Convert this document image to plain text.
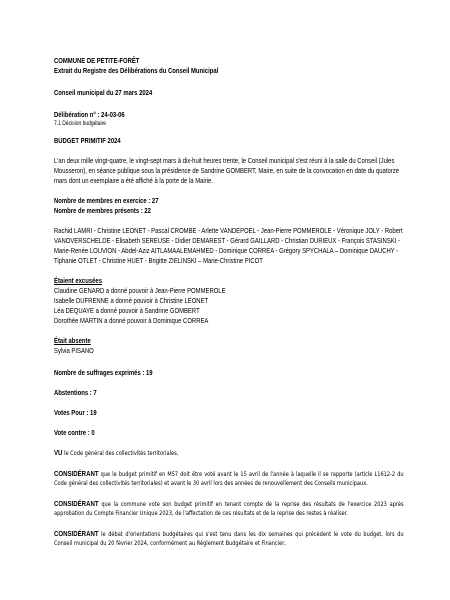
COMMUNE DE PETITE-FORÊT
Extrait du Registre des Délibérations du Conseil Municipal
Conseil municipal du 27 mars 2024
Délibération n° : 24-03-06
7.1 Décision budgétaire
BUDGET PRIMITIF 2024
L'an deux mille vingt-quatre, le vingt-sept mars à dix-huit heures trente, le Conseil municipal s'est réuni à la salle du Conseil (Jules Mousseron), en séance publique sous la présidence de Sandrine GOMBERT, Maire, en suite de la convocation en date du quatorze mars dont un exemplaire a été affiché à la porte de la Mairie.
Nombre de membres en exercice : 27
Nombre de membres présents : 22
Rachid LAMRI - Christine LEONET - Pascal CROMBE - Arlette VANDEPOEL - Jean-Pierre POMMEROLE - Véronique JOLY - Robert VANOVERSCHELDE - Elisabeth SEREUSE - Didier DEMAREST - Gérard GAILLARD - Christian DURIEUX - François STASINSKI - Marie-Renée LOUVION - Abdel-Aziz AITLAMAALEMAHMED - Dominique CORREA - Grégory SPYCHALA – Dominique DAUCHY - Tiphanie OTLET - Christine HUET - Brigitte ZIELINSKI – Marie-Christine PICOT
Étaient excusées
Claudine GENARD a donné pouvoir à Jean-Pierre POMMEROLE
Isabelle DUFRENNE a donné pouvoir à Christine LEONET
Léa DEQUAYE a donné pouvoir à Sandrine GOMBERT
Dorothée MARTIN a donné pouvoir à Dominique CORREA
Était absente
Sylvia PISANO
Nombre de suffrages exprimés : 19
Abstentions : 7
Votes Pour : 19
Vote contre : 0
VU le Code général des collectivités territoriales,
CONSIDÉRANT que le budget primitif en M57 doit être voté avant le 15 avril de l'année à laquelle il se rapporte (article L1612-2 du Code général des collectivités territoriales) et avant le 30 avril lors des années de renouvellement des Conseils municipaux.
CONSIDÉRANT que la commune vote son budget primitif en tenant compte de la reprise des résultats de l'exercice 2023 après approbation du Compte Financier Unique 2023, de l'affectation de ces résultats et de la reprise des restes à réaliser.
CONSIDÉRANT le débat d'orientations budgétaires qui s'est tenu dans les dix semaines qui précèdent le vote du budget, lors du Conseil municipal du 20 février 2024, conformément au Règlement Budgétaire et Financier,
